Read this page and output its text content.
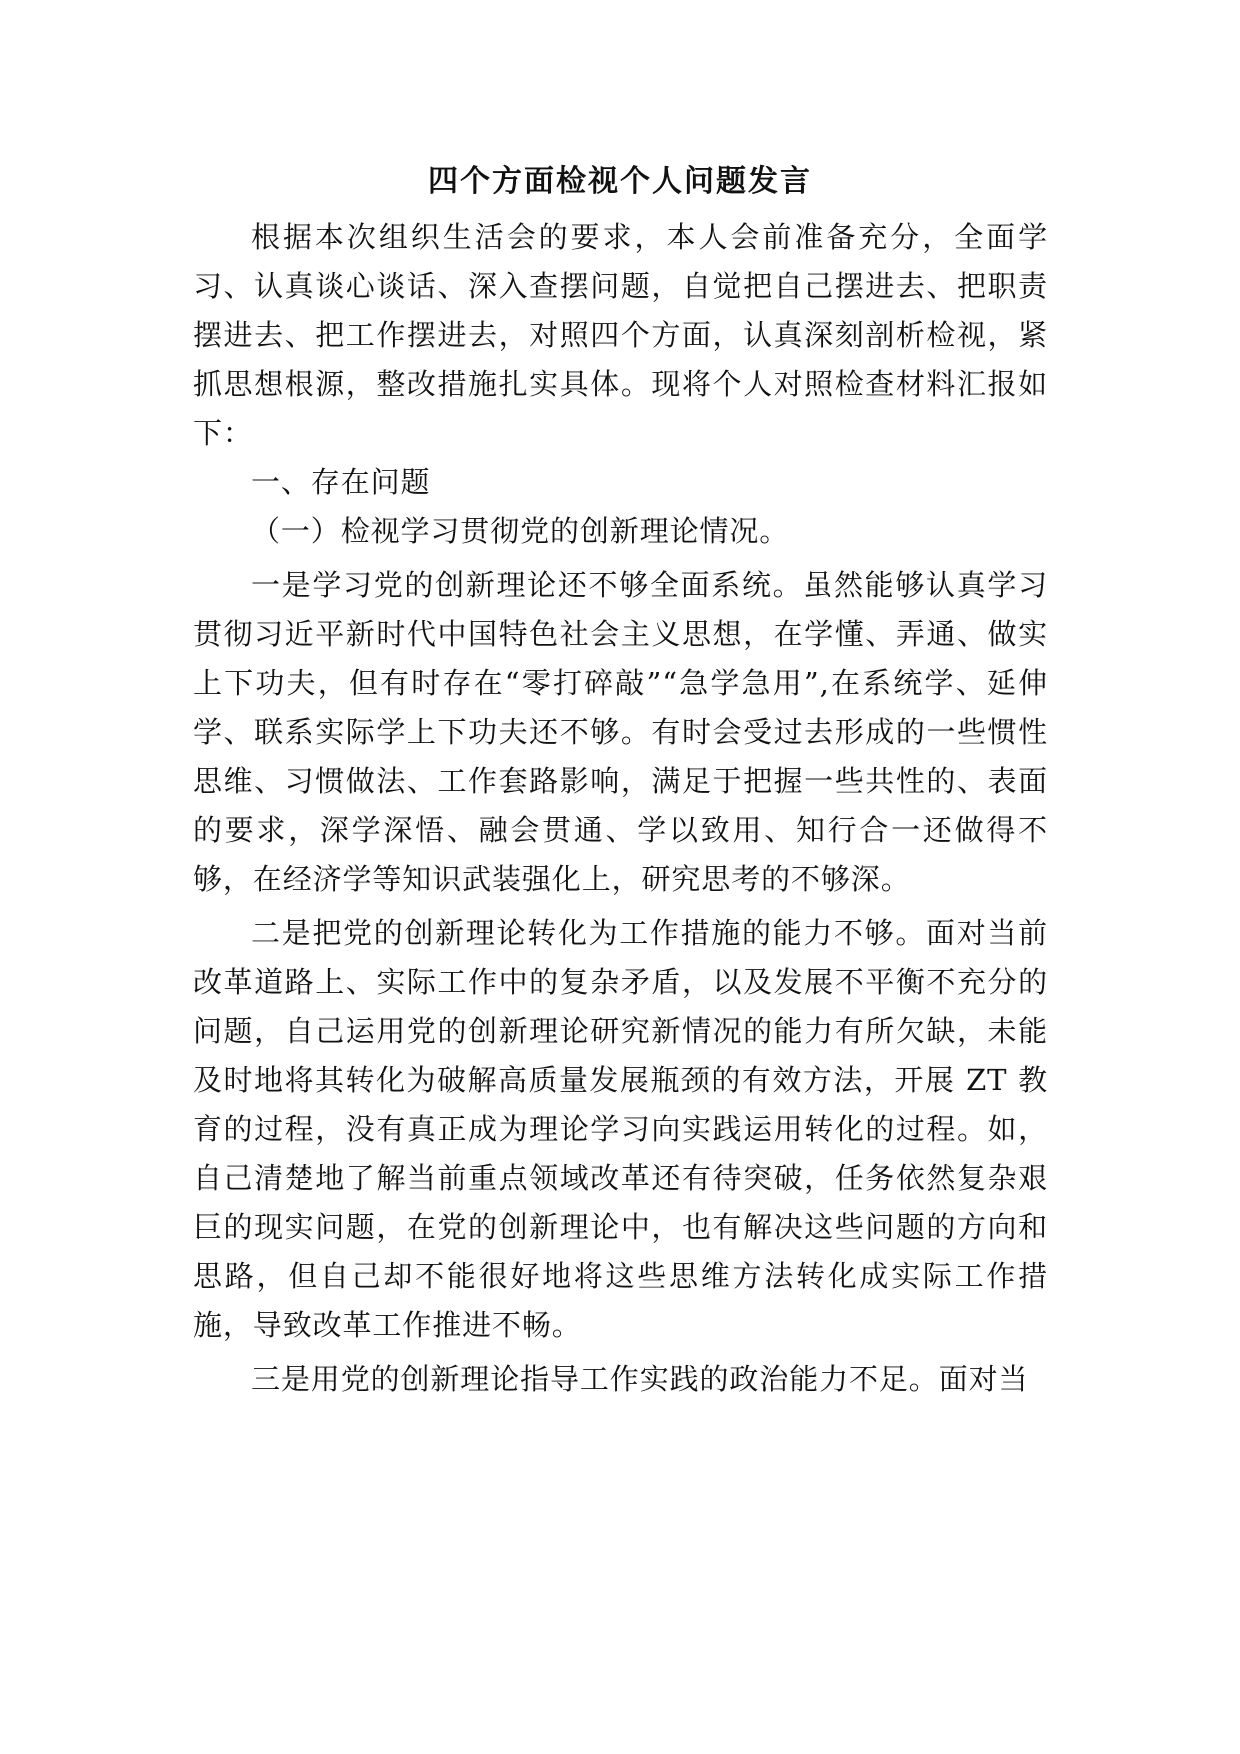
四个方面检视个人问题发言

根据本次组织生活会的要求，本人会前准备充分，全面学习、认真谈心谈话、深入查摆问题，自觉把自己摆进去、把职责摆进去、把工作摆进去，对照四个方面，认真深刻剖析检视，紧抓思想根源，整改措施扎实具体。现将个人对照检查材料汇报如下：

一、存在问题

（一）检视学习贯彻党的创新理论情况。

一是学习党的创新理论还不够全面系统。虽然能够认真学习贯彻习近平新时代中国特色社会主义思想，在学懂、弄通、做实上下功夫，但有时存在“零打碎敲”“急学急用”,在系统学、延伸学、联系实际学上下功夫还不够。有时会受过去形成的一些惯性思维、习惯做法、工作套路影响，满足于把握一些共性的、表面的要求，深学深悟、融会贯通、学以致用、知行合一还做得不够，在经济学等知识武装强化上，研究思考的不够深。

二是把党的创新理论转化为工作措施的能力不够。面对当前改革道路上、实际工作中的复杂矛盾，以及发展不平衡不充分的问题，自己运用党的创新理论研究新情况的能力有所欠缺，未能及时地将其转化为破解高质量发展瓶颈的有效方法，开展 ZT 教育的过程，没有真正成为理论学习向实践运用转化的过程。如，自己清楚地了解当前重点领域改革还有待突破，任务依然复杂艰巨的现实问题，在党的创新理论中，也有解决这些问题的方向和思路，但自己却不能很好地将这些思维方法转化成实际工作措施，导致改革工作推进不畅。

三是用党的创新理论指导工作实践的政治能力不足。面对当
